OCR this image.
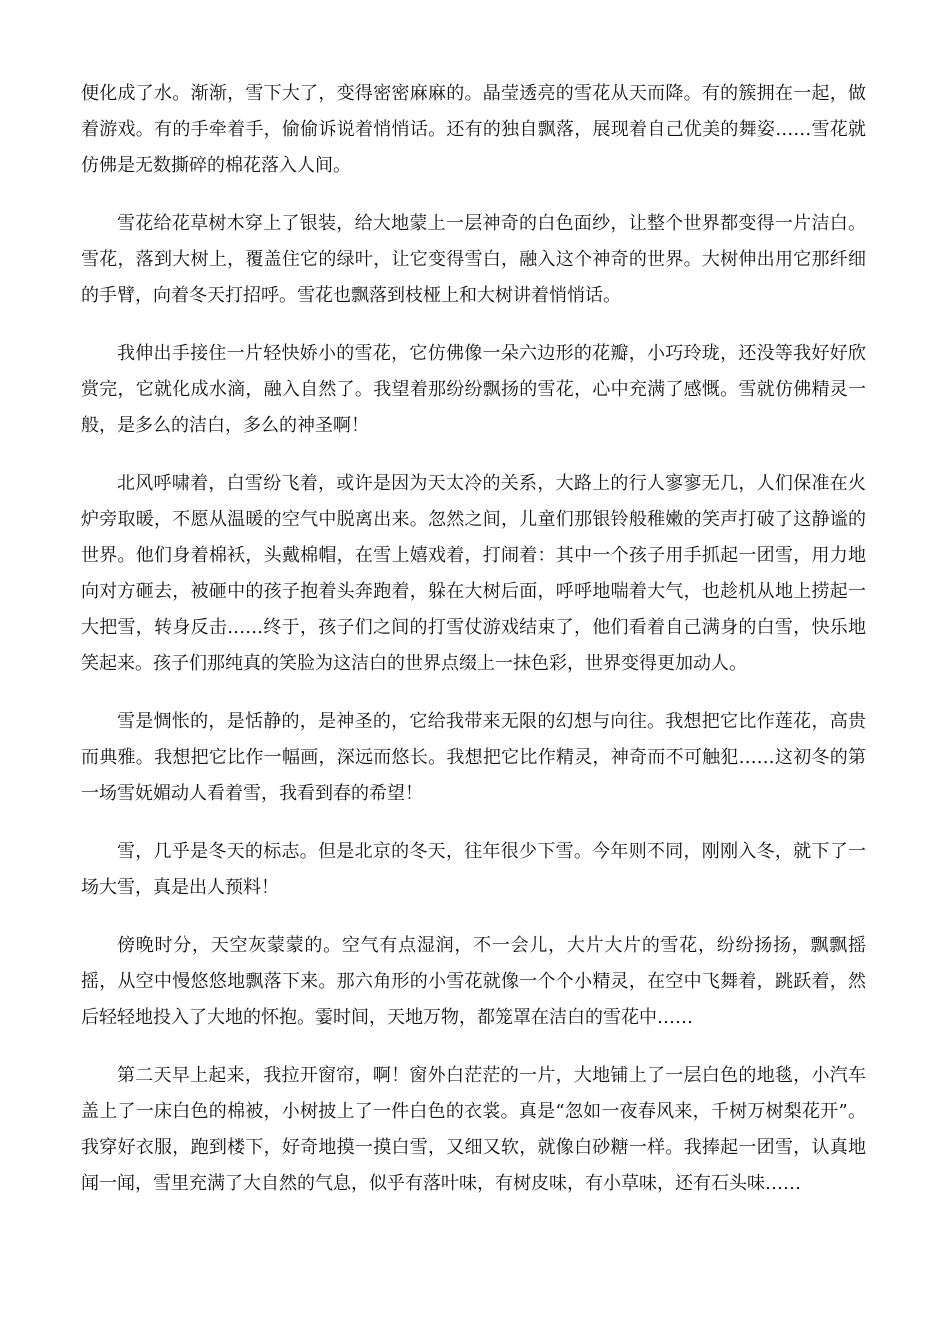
便化成了水。渐渐，雪下大了，变得密密麻麻的。晶莹透亮的雪花从天而降。有的簇拥在一起，做着游戏。有的手牵着手，偷偷诉说着悄悄话。还有的独自飘落，展现着自己优美的舞姿……雪花就仿佛是无数撕碎的棉花落入人间。

雪花给花草树木穿上了银装，给大地蒙上一层神奇的白色面纱，让整个世界都变得一片洁白。雪花，落到大树上，覆盖住它的绿叶，让它变得雪白，融入这个神奇的世界。大树伸出用它那纤细的手臂，向着冬天打招呼。雪花也飘落到枝桠上和大树讲着悄悄话。

我伸出手接住一片轻快娇小的雪花，它仿佛像一朵六边形的花瓣，小巧玲珑，还没等我好好欣赏完，它就化成水滴，融入自然了。我望着那纷纷飘扬的雪花，心中充满了感慨。雪就仿佛精灵一般，是多么的洁白，多么的神圣啊！

北风呼啸着，白雪纷飞着，或许是因为天太冷的关系，大路上的行人寥寥无几，人们保准在火炉旁取暖，不愿从温暖的空气中脱离出来。忽然之间，儿童们那银铃般稚嫩的笑声打破了这静谧的世界。他们身着棉袄，头戴棉帽，在雪上嬉戏着，打闹着：其中一个孩子用手抓起一团雪，用力地向对方砸去，被砸中的孩子抱着头奔跑着，躲在大树后面，呼呼地喘着大气，也趁机从地上捞起一大把雪，转身反击……终于，孩子们之间的打雪仗游戏结束了，他们看着自己满身的白雪，快乐地笑起来。孩子们那纯真的笑脸为这洁白的世界点缀上一抹色彩，世界变得更加动人。

雪是惆怅的，是恬静的，是神圣的，它给我带来无限的幻想与向往。我想把它比作莲花，高贵而典雅。我想把它比作一幅画，深远而悠长。我想把它比作精灵，神奇而不可触犯……这初冬的第一场雪妩媚动人看着雪，我看到春的希望！

雪，几乎是冬天的标志。但是北京的冬天，往年很少下雪。今年则不同，刚刚入冬，就下了一场大雪，真是出人预料！

傍晚时分，天空灰蒙蒙的。空气有点湿润，不一会儿，大片大片的雪花，纷纷扬扬，飘飘摇摇，从空中慢悠悠地飘落下来。那六角形的小雪花就像一个个小精灵，在空中飞舞着，跳跃着，然后轻轻地投入了大地的怀抱。霎时间，天地万物，都笼罩在洁白的雪花中……

第二天早上起来，我拉开窗帘，啊！窗外白茫茫的一片，大地铺上了一层白色的地毯，小汽车盖上了一床白色的棉被，小树披上了一件白色的衣裳。真是“忽如一夜春风来，千树万树梨花开”。我穿好衣服，跑到楼下，好奇地摸一摸白雪，又细又软，就像白砂糖一样。我捧起一团雪，认真地闻一闻，雪里充满了大自然的气息，似乎有落叶味，有树皮味，有小草味，还有石头味……
